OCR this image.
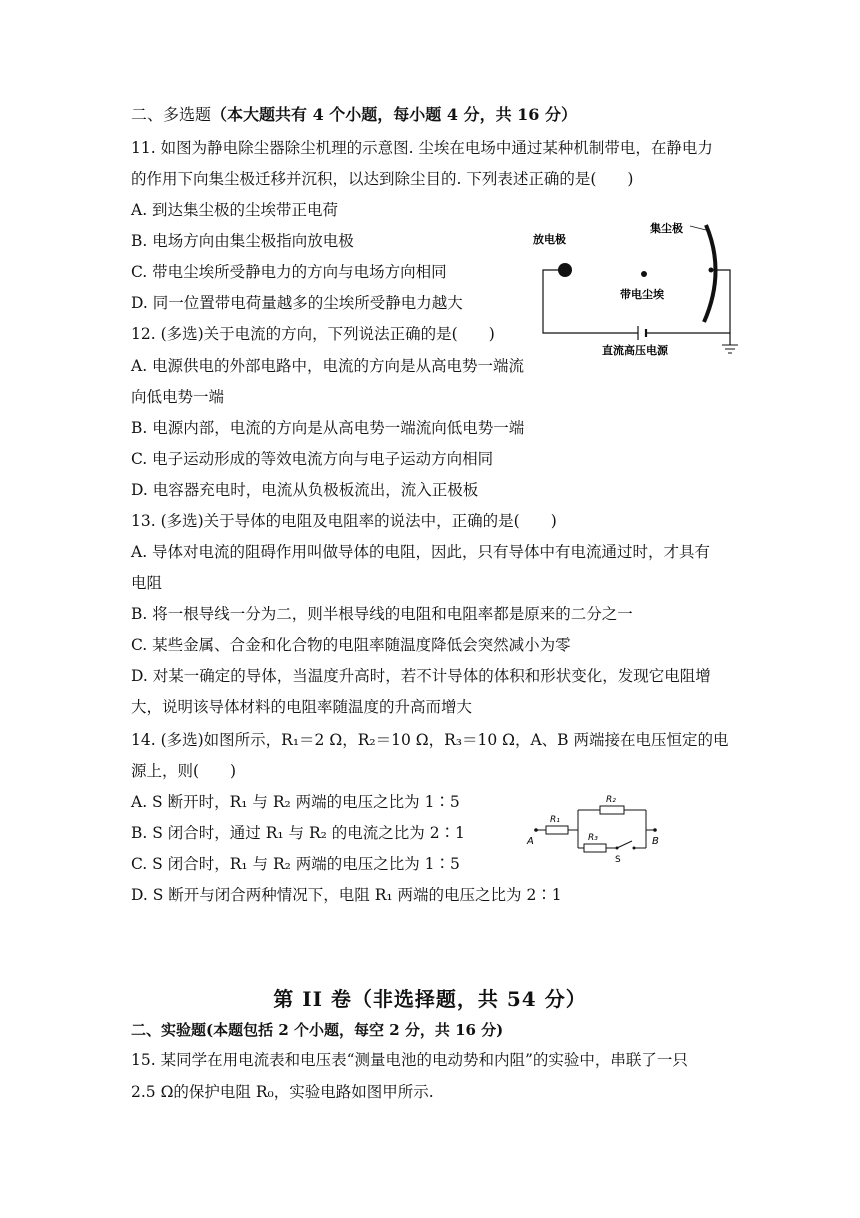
二、多选题（本大题共有 4 个小题，每小题 4 分，共 16 分）
11. 如图为静电除尘器除尘机理的示意图. 尘埃在电场中通过某种机制带电，在静电力
的作用下向集尘极迁移并沉积，以达到除尘目的. 下列表述正确的是(　　)
A. 到达集尘极的尘埃带正电荷
B. 电场方向由集尘极指向放电极
C. 带电尘埃所受静电力的方向与电场方向相同
D. 同一位置带电荷量越多的尘埃所受静电力越大
放电极
集尘极
带电尘埃
直流高压电源
12. (多选)关于电流的方向，下列说法正确的是(　　)
A. 电源供电的外部电路中，电流的方向是从高电势一端流
向低电势一端
B. 电源内部，电流的方向是从高电势一端流向低电势一端
C. 电子运动形成的等效电流方向与电子运动方向相同
D. 电容器充电时，电流从负极板流出，流入正极板
13. (多选)关于导体的电阻及电阻率的说法中，正确的是(　　)
A. 导体对电流的阻碍作用叫做导体的电阻，因此，只有导体中有电流通过时，才具有
电阻
B. 将一根导线一分为二，则半根导线的电阻和电阻率都是原来的二分之一
C. 某些金属、合金和化合物的电阻率随温度降低会突然减小为零
D. 对某一确定的导体，当温度升高时，若不计导体的体积和形状变化，发现它电阻增
大，说明该导体材料的电阻率随温度的升高而增大
14. (多选)如图所示，R₁＝2 Ω，R₂＝10 Ω，R₃＝10 Ω，A、B 两端接在电压恒定的电
源上，则(　　)
A. S 断开时，R₁ 与 R₂ 两端的电压之比为 1∶5
B. S 闭合时，通过 R₁ 与 R₂ 的电流之比为 2∶1
C. S 闭合时，R₁ 与 R₂ 两端的电压之比为 1∶5
D. S 断开与闭合两种情况下，电阻 R₁ 两端的电压之比为 2∶1
R₁
R₂
R₃
A	B
S
第 II 卷（非选择题，共 54 分）
二、实验题(本题包括 2 个小题，每空 2 分，共 16 分)
15. 某同学在用电流表和电压表“测量电池的电动势和内阻”的实验中，串联了一只
2.5 Ω的保护电阻 R₀，实验电路如图甲所示.
